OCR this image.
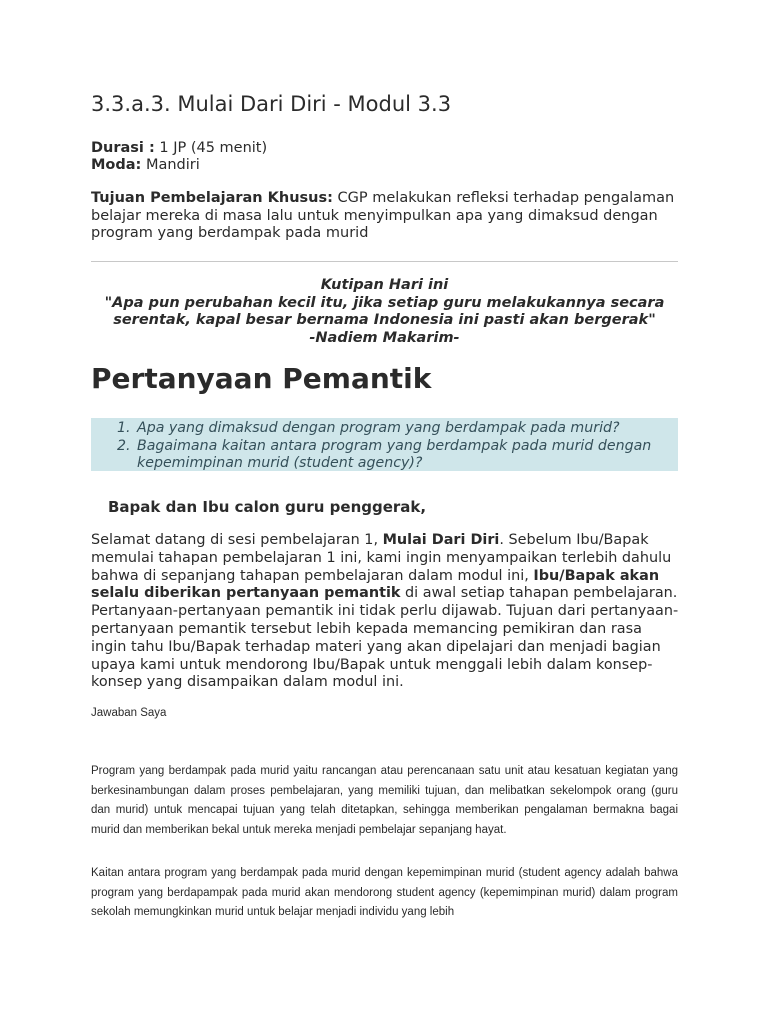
3.3.a.3. Mulai Dari Diri - Modul 3.3
Durasi : 1 JP (45 menit)
Moda: Mandiri
Tujuan Pembelajaran Khusus: CGP melakukan refleksi terhadap pengalaman belajar mereka di masa lalu untuk menyimpulkan apa yang dimaksud dengan program yang berdampak pada murid
Kutipan Hari ini
"Apa pun perubahan kecil itu, jika setiap guru melakukannya secara
serentak, kapal besar bernama Indonesia ini pasti akan bergerak"
-Nadiem Makarim-
Pertanyaan Pemantik
1. Apa yang dimaksud dengan program yang berdampak pada murid?
2. Bagaimana kaitan antara program yang berdampak pada murid dengan kepemimpinan murid (student agency)?
Bapak dan Ibu calon guru penggerak,
Selamat datang di sesi pembelajaran 1, Mulai Dari Diri. Sebelum Ibu/Bapak memulai tahapan pembelajaran 1 ini, kami ingin menyampaikan terlebih dahulu bahwa di sepanjang tahapan pembelajaran dalam modul ini, Ibu/Bapak akan selalu diberikan pertanyaan pemantik di awal setiap tahapan pembelajaran. Pertanyaan-pertanyaan pemantik ini tidak perlu dijawab. Tujuan dari pertanyaan-pertanyaan pemantik tersebut lebih kepada memancing pemikiran dan rasa ingin tahu Ibu/Bapak terhadap materi yang akan dipelajari dan menjadi bagian upaya kami untuk mendorong Ibu/Bapak untuk menggali lebih dalam konsep-konsep yang disampaikan dalam modul ini.
Jawaban Saya
Program yang berdampak pada murid yaitu rancangan atau perencanaan satu unit atau kesatuan kegiatan yang berkesinambungan dalam proses pembelajaran, yang memiliki tujuan, dan melibatkan sekelompok orang (guru dan murid) untuk mencapai tujuan yang telah ditetapkan, sehingga memberikan pengalaman bermakna bagai murid dan memberikan bekal untuk mereka menjadi pembelajar sepanjang hayat.
Kaitan antara program yang berdampak pada murid dengan kepemimpinan murid (student agency adalah bahwa program yang berdapampak pada murid akan mendorong student agency (kepemimpinan murid) dalam program sekolah memungkinkan murid untuk belajar menjadi individu yang lebih
